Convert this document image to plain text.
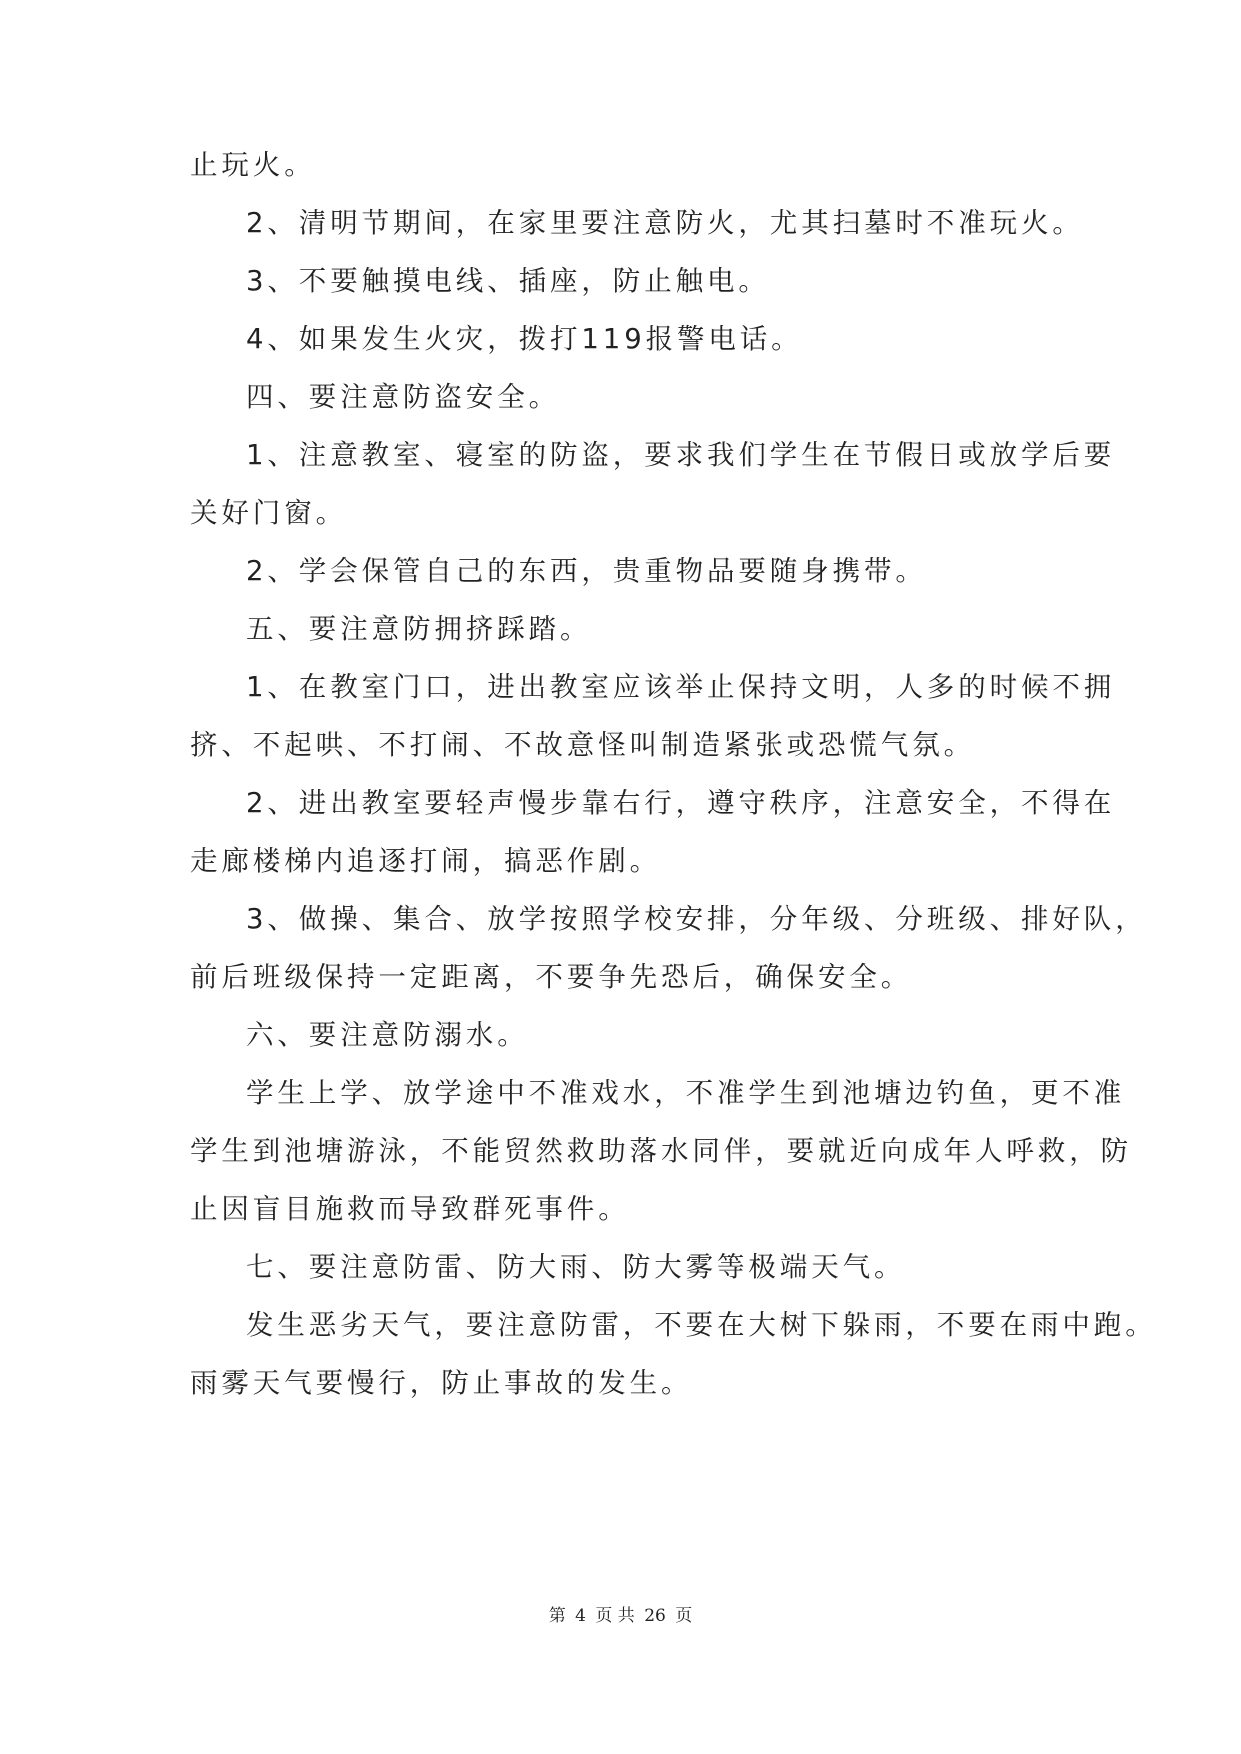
止玩火。
2、清明节期间，在家里要注意防火，尤其扫墓时不准玩火。
3、不要触摸电线、插座，防止触电。
4、如果发生火灾，拨打119报警电话。
四、要注意防盗安全。
1、注意教室、寝室的防盗，要求我们学生在节假日或放学后要
关好门窗。
2、学会保管自己的东西，贵重物品要随身携带。
五、要注意防拥挤踩踏。
1、在教室门口，进出教室应该举止保持文明，人多的时候不拥
挤、不起哄、不打闹、不故意怪叫制造紧张或恐慌气氛。
2、进出教室要轻声慢步靠右行，遵守秩序，注意安全，不得在
走廊楼梯内追逐打闹，搞恶作剧。
3、做操、集合、放学按照学校安排，分年级、分班级、排好队，
前后班级保持一定距离，不要争先恐后，确保安全。
六、要注意防溺水。
学生上学、放学途中不准戏水，不准学生到池塘边钓鱼，更不准
学生到池塘游泳，不能贸然救助落水同伴，要就近向成年人呼救，防
止因盲目施救而导致群死事件。
七、要注意防雷、防大雨、防大雾等极端天气。
发生恶劣天气，要注意防雷，不要在大树下躲雨，不要在雨中跑。
雨雾天气要慢行，防止事故的发生。
第 4 页 共 26 页
